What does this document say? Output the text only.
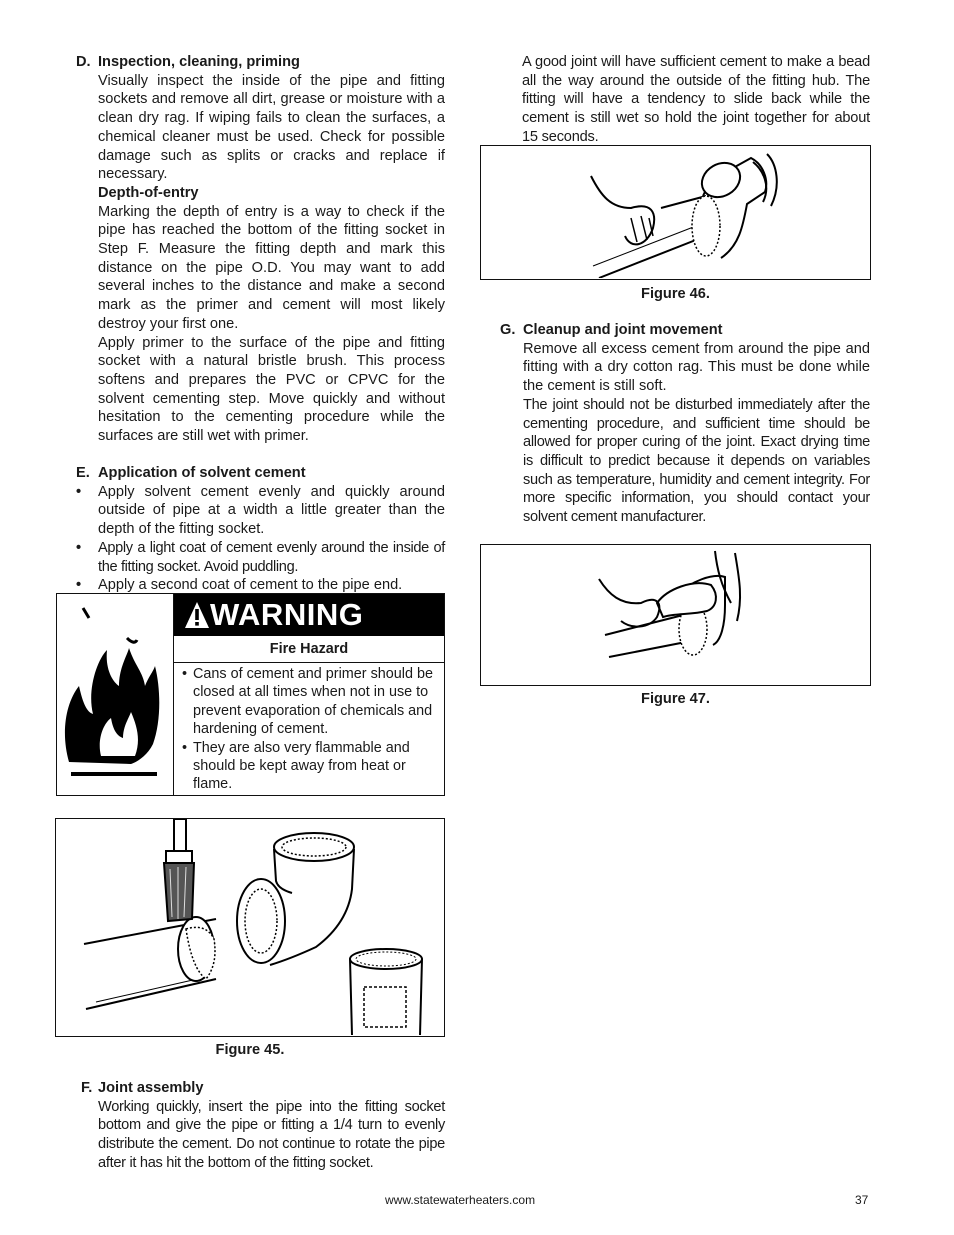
D. Inspection, cleaning, priming
Visually inspect the inside of the pipe and fitting sockets and remove all dirt, grease or moisture with a clean dry rag. If wiping fails to clean the surfaces, a chemical cleaner must be used. Check for possible damage such as splits or cracks and replace if necessary.
Depth-of-entry
Marking the depth of entry is a way to check if the pipe has reached the bottom of the fitting socket in Step F. Measure the fitting depth and mark this distance on the pipe O.D. You may want to add several inches to the distance and make a second mark as the primer and cement will most likely destroy your first one.
Apply primer to the surface of the pipe and fitting socket with a natural bristle brush. This process softens and prepares the PVC or CPVC for the solvent cementing step. Move quickly and without hesitation to the cementing procedure while the surfaces are still wet with primer.
E. Application of solvent cement
• Apply solvent cement evenly and quickly around outside of pipe at a width a little greater than the depth of the fitting socket.
• Apply a light coat of cement evenly around the inside of the fitting socket. Avoid puddling.
• Apply a second coat of cement to the pipe end.
WARNING
Fire Hazard
• Cans of cement and primer should be closed at all times when not in use to prevent evaporation of chemicals and hardening of cement.
• They are also very flammable and should be kept away from heat or flame.
Figure 45.
F. Joint assembly
Working quickly, insert the pipe into the fitting socket bottom and give the pipe or fitting a 1/4 turn to evenly distribute the cement. Do not continue to rotate the pipe after it has hit the bottom of the fitting socket.
A good joint will have sufficient cement to make a bead all the way around the outside of the fitting hub. The fitting will have a tendency to slide back while the cement is still wet so hold the joint together for about 15 seconds.
Figure 46.
G. Cleanup and joint movement
Remove all excess cement from around the pipe and fitting with a dry cotton rag. This must be done while the cement is still soft.
The joint should not be disturbed immediately after the cementing procedure, and sufficient time should be allowed for proper curing of the joint. Exact drying time is difficult to predict because it depends on variables such as temperature, humidity and cement integrity. For more specific information, you should contact your solvent cement manufacturer.
Figure 47.
www.statewaterheaters.com	37
